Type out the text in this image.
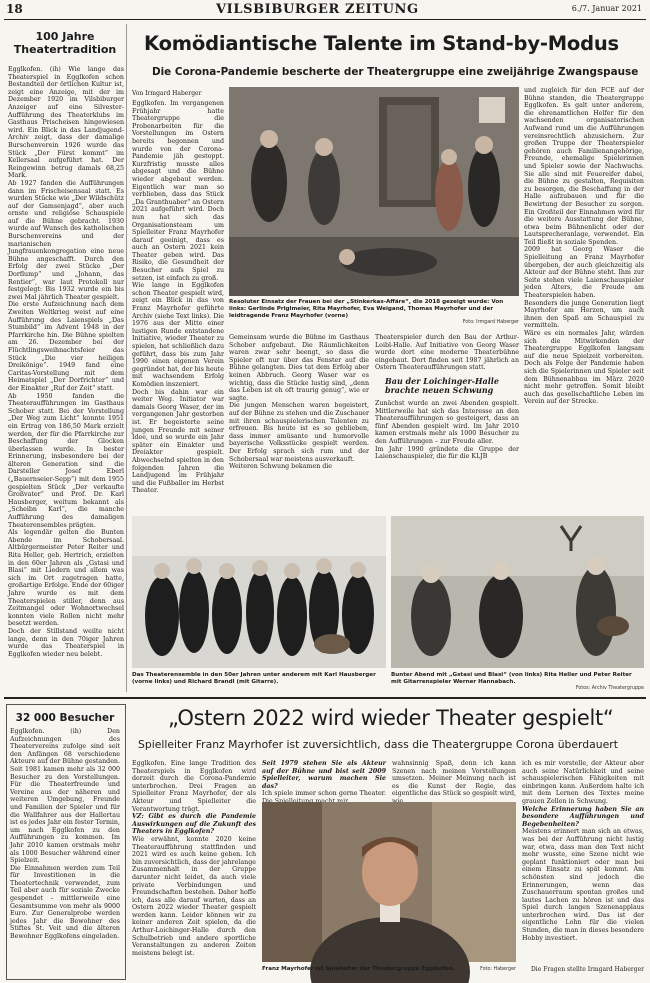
18	VILSBIBURGER ZEITUNG	6./7. Januar 2021
100 Jahre Theatertradition

Egglkofen. (ih) Wie lange das Theaterspiel in Egglkofen schon Bestandteil der örtlichen Kultur ist, zeigt eine Anzeige, mit der im Dezember 1920 im Vilsbiburger Anzeiger auf eine Silvester-Aufführung des Theaterklubs im Gasthaus Prischeisen hingewiesen wird. Ein Blick in das Landjugend-Archiv zeigt, dass der damalige Burschenverein 1926 wurde das Stück „Der Fürst kommt“ im Kellersaal aufgeführt hat. Der Reingewinn betrug damals 68,25 Mark.

Ab 1927 fanden die Aufführungen dann im Frischeisensaal statt. Es wurden Stücke wie „Der Wildschütz auf der Gamsenjagd“, aber auch ernste und religiöse Schauspiele auf die Bühne gebracht. 1930 wurde auf Wunsch des katholischen Burschenvereins und der marianischen Jungfrauenkongregation eine neue Bühne angeschafft. Durch den Erfolg der zwei Stücke „Der Dorflump“ und „Johann, das Rentier“, war laut Protokoll nur festgelegt: Bis 1932 wurde ein bis zwei Mal jährlich Theater gespielt.

Die erste Aufzeichnung nach dem Zweiten Weltkrieg weist auf eine Aufführung des Laienspiels „Das Stumbild“ im Advent 1948 in der Pfarrkirche hin. Die Bühne spielten am 26. Dezember bei der Flüchtlingsweihnachtsfeier das Stück „Die vier heiligen Dreikönige“. 1949 fand eine Caritas-Vorstellung mit dem Heimatspiel „Der Dorfrichter“ und der Einakter „Ruf der Zeit“ statt.

Ab 1950 fanden die Theateraufführungen im Gasthaus Schober statt. Bei der Vorstellung „Der Weg zum Licht“ konnte 1951 ein Ertrag von 186,50 Mark erzielt werden, der für die Pfarrkirche zur Beschaffung der Glocken überlassen wurde. In bester Erinnerung, insbesondere bei der älteren Generation sind die Darsteller Josef Eberl („Bauernseier-Sepp“) mit dem 1955 gespielten Stück „Der verkaufte Großvater“ und Prof. Dr. Karl Hausberger, weitum bekannt als „Scheibn Karl“, die manche Aufführung des damaligen Theaterensembles prägten.

Als legendär gelten die Bunten Abende im Schobersaal. Altbürgermeister Peter Reiter und Rita Heller, geb. Hertrich, erzielten in den 60er Jahren als „Gstasi und Blasi“ mit Liedern und allem was sich im Ort zugetragen hatte, großartige Erfolge. Ende der 60iger Jahre wurde es mit dem Theaterspielen stiller, denn aus Zeitmangel oder Wohnortwechsel konnten viele Rollen nicht mehr besetzt werden.

Doch der Stillstand weilte nicht lange, denn in den 70iger Jahren wurde das Theaterspiel in Egglkofen wieder neu belebt.

Komödiantische Talente im Stand-by-Modus
Die Corona-Pandemie bescherte der Theatergruppe eine zweijährige Zwangspause
Von Irmgard Haberger

Egglkofen. Im vergangenen Frühjahr hatte Theatergruppe die Probenarbeiten für die Vorstellungen im Ostern bereits begonnen und wurde von der Corona-Pandemie jäh gestoppt. Kurzfristig musste alles abgesagt und die Bühne wieder abgebaut werden. Eigentlich war man so verblieben, dass das Stück „Da Granthuaber“ an Ostern 2021 aufgeführt wird. Doch nun hat sich das Organisationsteam um Spielleiter Franz Mayrhofer darauf geeinigt, dass es auch an Ostern 2021 kein Theater geben wird. Das Risiko, die Gesundheit der Besucher aufs Spiel zu setzen, ist einfach zu groß.

Wie lange in Egglkofen schon Theater gespielt wird, zeigt ein Blick in das von Franz Mayrhofer geführte Archiv (siehe Text links). Die 1976 aus der Mitte einer lustigen Runde entstandene Initiative, wieder Theater zu spielen, hat schließlich dazu geführt, dass bis zum Jahr 1990 einen eigenen Verein gegründet hat, der bis heute mit wachsendem Erfolg Komödien inszeniert.

Doch bis dahin war ein weiter Weg. Initiator war damals Georg Waser, der im vergangenen Jahr gestorben ist. Er begeisterte seine jungen Freunde mit seiner Idee, und so wurde ein Jahr später ein Einakter und Dreiakter gespielt. Abwechselnd spielten in den folgenden Jahren die Landjugend im Frühjahr und die Fußballer im Herbst Theater.

Resoluter Einsatz der Frauen bei der „Stinkerkas-Affäre“, die 2018 gezeigt wurde: Von links: Gerlinde Priglmeier, Rita Mayrhofer, Eva Weigand, Thomas Mayrhofer und der leidtragende Franz Mayrhofer (vorne)
Foto: Irmgard Haberger

Gemeinsam wurde die Bühne im Gasthaus Schober aufgebaut. Die Räumlichkeiten waren zwar sehr beengt, so dass die Spieler oft nur über das Fenster auf die Bühne gelangten. Dies tat dem Erfolg aber keinen Abbruch. Georg Waser war es wichtig, dass die Stücke lustig sind, „denn das Leben ist eh oft traurig genug“, wie er sagte.

Die jungen Menschen waren begeistert, auf der Bühne zu stehen und die Zuschauer mit ihren schauspielerischen Talenten zu erfreuen. Bis heute ist es so geblieben, dass immer amüsante und humorvolle bayerische Volksstücke gespielt werden. Der Erfolg sprach sich rum und der Schobersaal war meistens ausverkauft.

Weiteren Schwung bekamen die

Theaterspieler durch den Bau der Arthur-Loibl-Halle. Auf Initiative von Georg Waser wurde dort eine moderne Theaterbühne eingebaut. Dort finden seit 1987 jährlich an Ostern Theateraufführungen statt.

Bau der Loichinger-Halle brachte neuen Schwung

Zunächst wurde an zwei Abenden gespielt. Mittlerweile hat sich das Interesse an den Theateraufführungen so gesteigert, dass an fünf Abenden gespielt wird. Im Jahr 2010 kamen erstmals mehr als 1000 Besucher zu den Aufführungen – zur Freude aller.

Im Jahr 1990 gründete die Gruppe der Laienschauspieler, die für die KLJB

und zugleich für den FCE auf der Bühne standen, die Theatergruppe Egglkofen. Es galt unter anderem, die ehrenamtlichen Helfer für den wachsenden organisatorischen Aufwand rund um die Aufführungen vereinsrechtlich abzusichern. Zur großen Truppe der Theaterspieler gehören auch Familienangehörige, Freunde, ehemalige Spielerinnen und Spieler sowie der Nachwuchs. Sie alle sind mit Feuereifer dabei, die Bühne zu gestalten, Requisiten zu besorgen, die Beschaffung in der Halle aufzubauen und für die Bewirtung der Besucher zu sorgen. Ein Großteil der Einnahmen wird für die weitere Ausstattung der Bühne, etwa beim Bühnenlicht oder der Lautsprecheranlage, verwendet. Ein Teil fließt in soziale Spenden.

2009 hat Georg Waser die Spielleitung an Franz Mayrhofer übergeben, der auch gleichzeitig als Akteur auf der Bühne steht. Ihm zur Seite stehen viele Laienschauspieler jeden Alters, die Freude am Theaterspielen haben.

Besonders die junge Generation liegt Mayrhofer am Herzen, um auch ihnen den Spaß am Schauspiel zu vermitteln.

Wäre es ein normales Jahr, würden sich die Mitwirkenden der Theatergruppe Egglkofen langsam auf die neue Spielzeit vorbereiten. Doch als Folge der Pandemie haben sich die Spielerinnen und Spieler seit dem Bühnenabbau im März 2020 nicht mehr getroffen. Somit bleibt auch das gesellschaftliche Leben im Verein auf der Strecke.

Das Theaterensemble in den 50er Jahren unter anderem mit Karl Hausberger (vorne links) und Richard Brandl (mit Gitarre).
Bunter Abend mit „Gstasi und Blasi“ (von links) Rita Heller und Peter Reiter mit Gitarrenspieler Werner Hannabach.
Fotos: Archiv Theatergruppe
32 000 Besucher

Egglkofen. (ih) Den Aufzeichnungen des Theatervereins zufolge sind seit den Anfängen 68 verschiedene Akteure auf der Bühne gestanden. Seit 1981 kamen mehr als 32 000 Besucher zu den Vorstellungen. Für die Theaterfreunde und Vereine aus der näheren und weiteren Umgebung, Freunde und Familien der Spieler und für die Wallfahrer aus der Hallertau ist es jedes Jahr ein fester Termin, um nach Egglkofen zu den Aufführungen zu kommen. Im Jahr 2010 kamen erstmals mehr als 1000 Besucher während einer Spielzeit.

Die Einnahmen werden zum Teil für Investitionen in die Theatertechnik verwendet, zum Teil aber auch für soziale Zwecke gespendet – mittlerweile eine Gesamtsumme von mehr als 9000 Euro. Zur Generalprobe werden jedes Jahr die Bewohner des Stiftes St. Veit und die älteren Bewohner Egglkofens eingeladen.

„Ostern 2022 wird wieder Theater gespielt“
Spielleiter Franz Mayrhofer ist zuversichtlich, dass die Theatergruppe Corona überdauert

Egglkofen. Eine lange Tradition des Theaterspiels in Egglkofen wird derzeit durch die Corona-Pandemie unterbrochen. Drei Fragen an Spielleiter Franz Mayrhofer, der als Akteur und Spielleiter die Verantwortung trägt.

VZ: Gibt es durch die Pandemie Auswirkungen auf die Zukunft des Theaters in Egglkofen?

Wie erwähnt, konnte 2020 keine Theateraufführung stattfinden und 2021 wird es auch keine geben. Ich bin zuversichtlich, dass der jahrelange Zusammenhalt in der Gruppe darunter nicht leidet, da auch viele private Verbindungen und Freundschaften bestehen. Daher hoffe ich, dass alle darauf warten, dass an Ostern 2022 wieder Theater gespielt werden kann. Leider können wir zu keiner anderen Zeit spielen, da die Arthur-Loichinger-Halle durch den Schulbetrieb und andere sportliche Veranstaltungen zu anderen Zeiten meistens belegt ist.

Seit 1979 stehen Sie als Akteur auf der Bühne und bist seit 2009 Spielleiter, warum machen Sie das?

Ich spiele immer schon gerne Theater.

wahnsinnig Spaß, denn ich kann Szenen nach meinen Vorstellungen umsetzen. Meiner Meinung nach ist es die Kunst der Regie, das eigentliche das Stück so gespielt wird,

Franz Mayrhofer ist Spielleiter der Theatergruppe Egglkofen.	Foto: Haberger

ich es mir vorstelle, der Akteur aber auch seine Natürlichkeit und seine schauspielerischen Fähigkeiten mit einbringen kann. Außerdem halte ich mit dem Lernen des Textes meine grauen Zellen in Schwung.

Welche Erinnerung haben Sie an besondere Aufführungen und Begebenheiten?

Meistens erinnert man sich an etwas, was bei der Aufführung nicht lustig war, etwa, dass man den Text nicht mehr wusste, eine Szene nicht wie geplant funktioniert oder man bei einem Einsatz zu spät kommt. Am schönsten sind jedoch die Erinnerungen, wenn das Zuschauerraum spontan großes und lautes Lachen zu hören ist und das Spiel durch langen Szenenapplaus unterbrochen wird. Das ist der eigentliche Lohn für die vielen Stunden, die man in dieses besondere Hobby investiert.

Die Fragen stellte Irmgard Haberger
